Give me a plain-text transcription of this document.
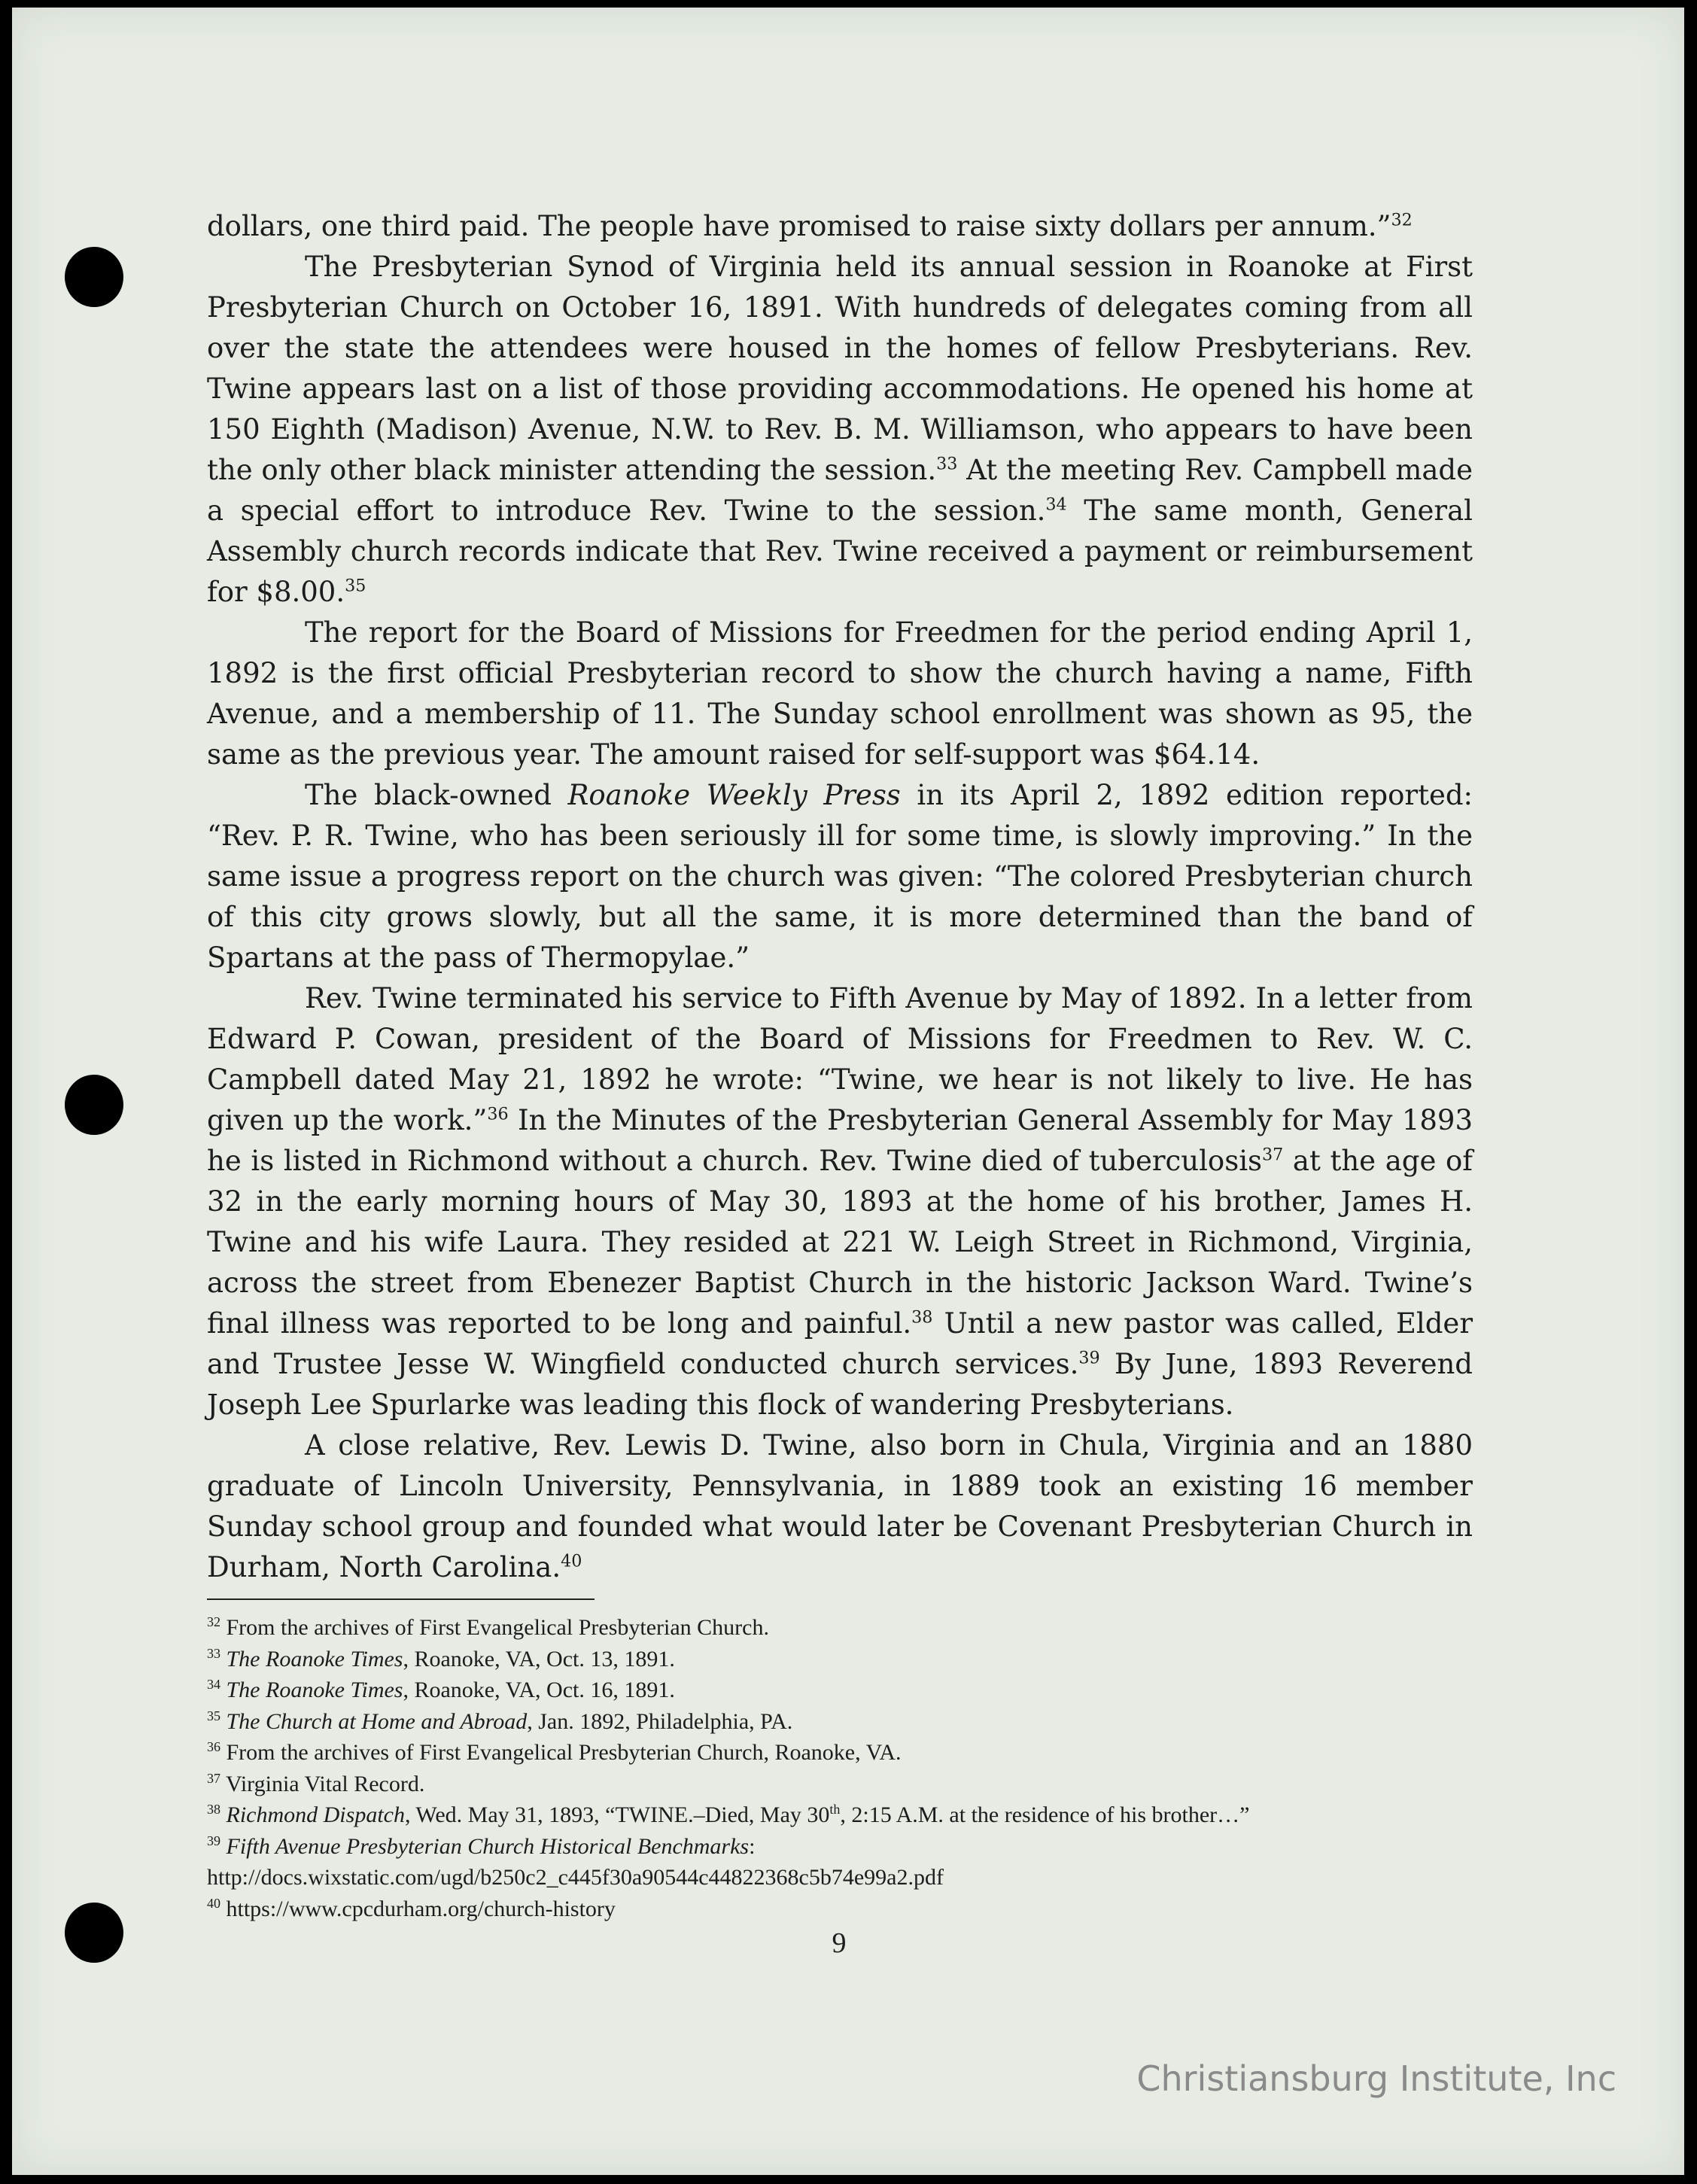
dollars, one third paid. The people have promised to raise sixty dollars per annum.”$^{32}$

The Presbyterian Synod of Virginia held its annual session in Roanoke at First Presbyterian Church on October 16, 1891. With hundreds of delegates coming from all over the state the attendees were housed in the homes of fellow Presbyterians. Rev. Twine appears last on a list of those providing accommodations. He opened his home at 150 Eighth (Madison) Avenue, N.W. to Rev. B. M. Williamson, who appears to have been the only other black minister attending the session.$^{33}$ At the meeting Rev. Campbell made a special effort to introduce Rev. Twine to the session.$^{34}$ The same month, General Assembly church records indicate that Rev. Twine received a payment or reimbursement for $8.00.35

The report for the Board of Missions for Freedmen for the period ending April 1, 1892 is the first official Presbyterian record to show the church having a name, Fifth Avenue, and a membership of 11. The Sunday school enrollment was shown as 95, the same as the previous year. The amount raised for self-support was $64.14.

The black-owned Roanoke Weekly Press in its April 2, 1892 edition reported: “Rev. P. R. Twine, who has been seriously ill for some time, is slowly improving.” In the same issue a progress report on the church was given: “The colored Presbyterian church of this city grows slowly, but all the same, it is more determined than the band of Spartans at the pass of Thermopylae.”

Rev. Twine terminated his service to Fifth Avenue by May of 1892. In a letter from Edward P. Cowan, president of the Board of Missions for Freedmen to Rev. W. C. Campbell dated May 21, 1892 he wrote: “Twine, we hear is not likely to live. He has given up the work.”$^{36}$ In the Minutes of the Presbyterian General Assembly for May 1893 he is listed in Richmond without a church. Rev. Twine died of tuberculosis$^{37}$ at the age of 32 in the early morning hours of May 30, 1893 at the home of his brother, James H. Twine and his wife Laura. They resided at 221 W. Leigh Street in Richmond, Virginia, across the street from Ebenezer Baptist Church in the historic Jackson Ward. Twine’s final illness was reported to be long and painful.$^{38}$ Until a new pastor was called, Elder and Trustee Jesse W. Wingfield conducted church services.$^{39}$ By June, 1893 Reverend Joseph Lee Spurlarke was leading this flock of wandering Presbyterians.

A close relative, Rev. Lewis D. Twine, also born in Chula, Virginia and an 1880 graduate of Lincoln University, Pennsylvania, in 1889 took an existing 16 member Sunday school group and founded what would later be Covenant Presbyterian Church in Durham, North Carolina.$^{40}$

$^{32}$ From the archives of First Evangelical Presbyterian Church.
$^{33}$ The Roanoke Times, Roanoke, VA, Oct. 13, 1891.
$^{34}$ The Roanoke Times, Roanoke, VA, Oct. 16, 1891.
$^{35}$ The Church at Home and Abroad, Jan. 1892, Philadelphia, PA.
$^{36}$ From the archives of First Evangelical Presbyterian Church, Roanoke, VA.
$^{37}$ Virginia Vital Record.
$^{38}$ Richmond Dispatch, Wed. May 31, 1893, “TWINE.–Died, May 30th, 2:15 A.M. at the residence of his brother…”
$^{39}$ Fifth Avenue Presbyterian Church Historical Benchmarks:
http://docs.wixstatic.com/ugd/b250c2_c445f30a90544c44822368c5b74e99a2.pdf
$^{40}$ https://www.cpcdurham.org/church-history
9
Christiansburg Institute, Inc
